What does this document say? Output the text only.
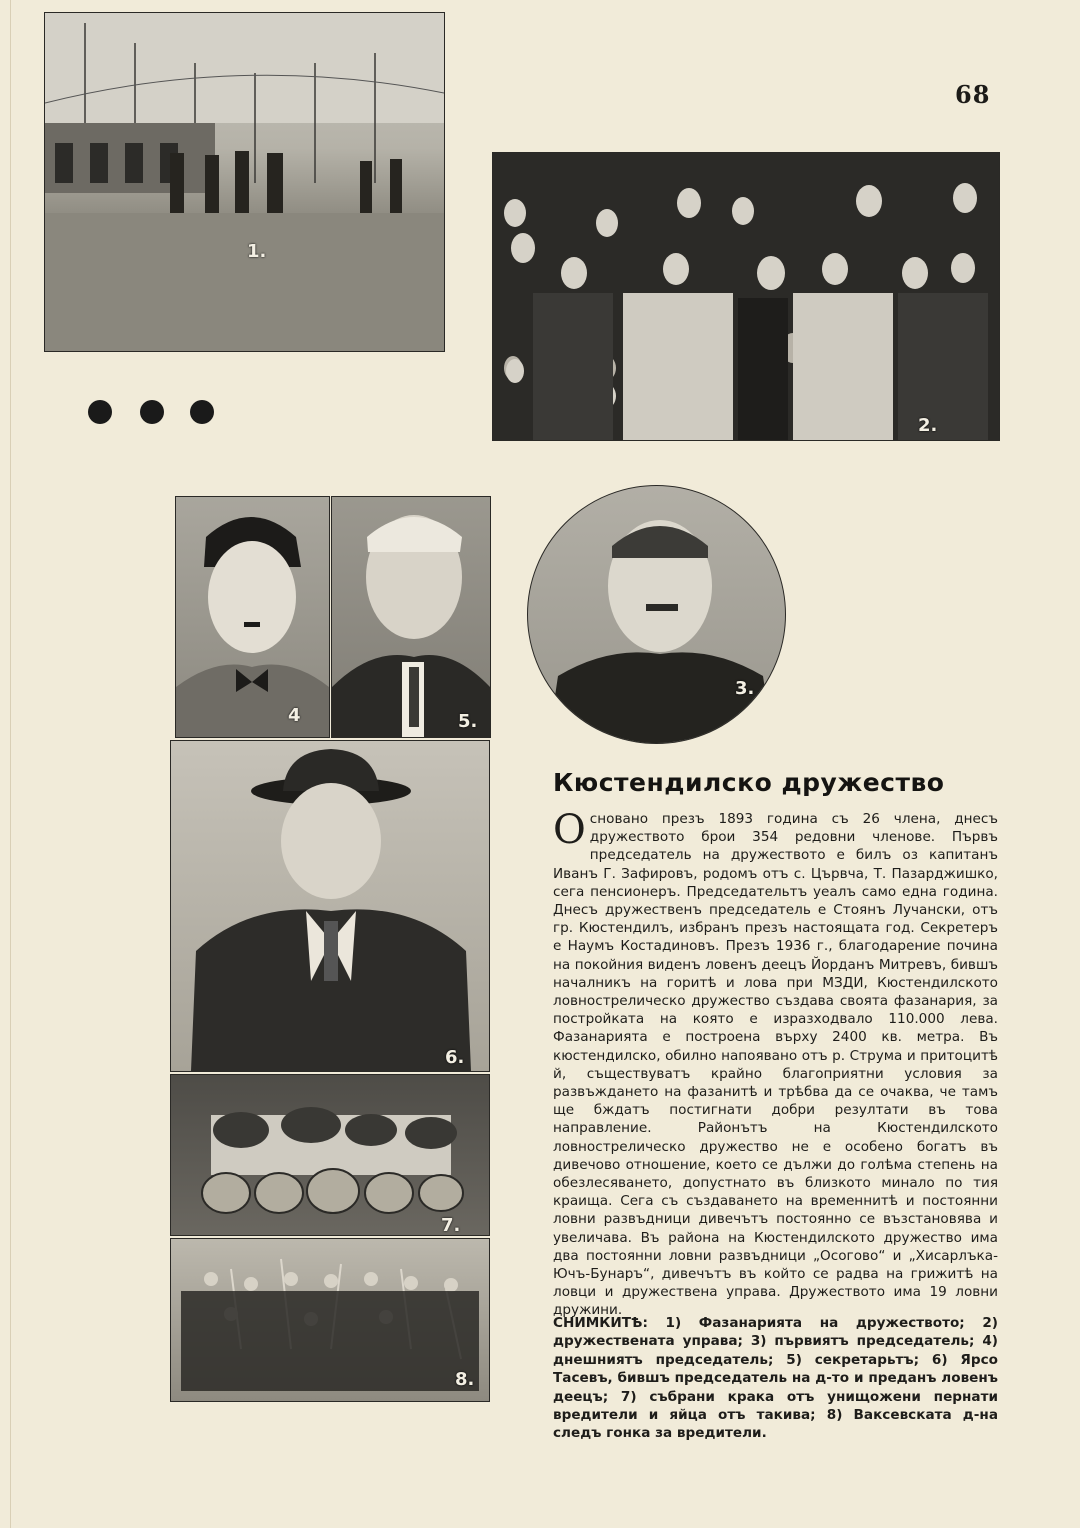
68
1.
2.
4	5.
3.
6.
7.
8.
Кюстендилско дружество

Основано презъ 1893 година съ 26 члена, днесъ дружеството брои 354 редовни членове. Първъ председатель на дружеството е билъ оз капитанъ Иванъ Г. Зафировъ, родомъ отъ с. Цървча, Т. Пазарджишко, сега пенсионеръ. Председательтъ уеалъ само една година. Днесъ дружественъ председатель е Стоянъ Лучански, отъ гр. Кюстендилъ, избранъ презъ настоящата год. Секретеръ е Наумъ Костадиновъ. Презъ 1936 г., благодарение почина на покойния виденъ ловенъ деецъ Йорданъ Митревъ, бившъ началникъ на горитѣ и лова при МЗДИ, Кюстендилското ловнострелическо дружество създава своята фазанария, за постройката на която е изразходвало 110.000 лева. Фазанарията е построена върху 2400 кв. метра. Въ кюстендилско, обилно напоявано отъ р. Струма и притоцитѣ й, съществуватъ крайно благоприятни условия за развъждането на фазанитѣ и трѣбва да се очаква, че тамъ ще бждатъ постигнати добри резултати въ това направление. Районътъ на Кюстендилското ловнострелическо дружество не е особено богатъ въ дивечово отношение, което се дължи до голѣма степень на обезлесяването, допустнато въ близкото минало по тия краища. Сега съ създаването на временнитѣ и постоянни ловни развъдници дивечътъ постоянно се възстановява и увеличава. Въ района на Кюстендилското дружество има два постоянни ловни развъдници „Осогово“ и „Хисарлъка-Ючъ-Бунаръ“, дивечътъ въ който се радва на грижитѣ на ловци и дружествена управа. Дружеството има 19 ловни дружини.

СНИМКИТѢ: 1) Фазанарията на дружеството; 2) дружествената управа; 3) първиятъ председатель; 4) днешниятъ председатель; 5) секретарьтъ; 6) Ярсо Тасевъ, бившъ председатель на д-то и преданъ ловенъ деецъ; 7) събрани крака отъ унищожени пернати вредители и яйца отъ такива; 8) Ваксевската д-на следъ гонка за вредители.
